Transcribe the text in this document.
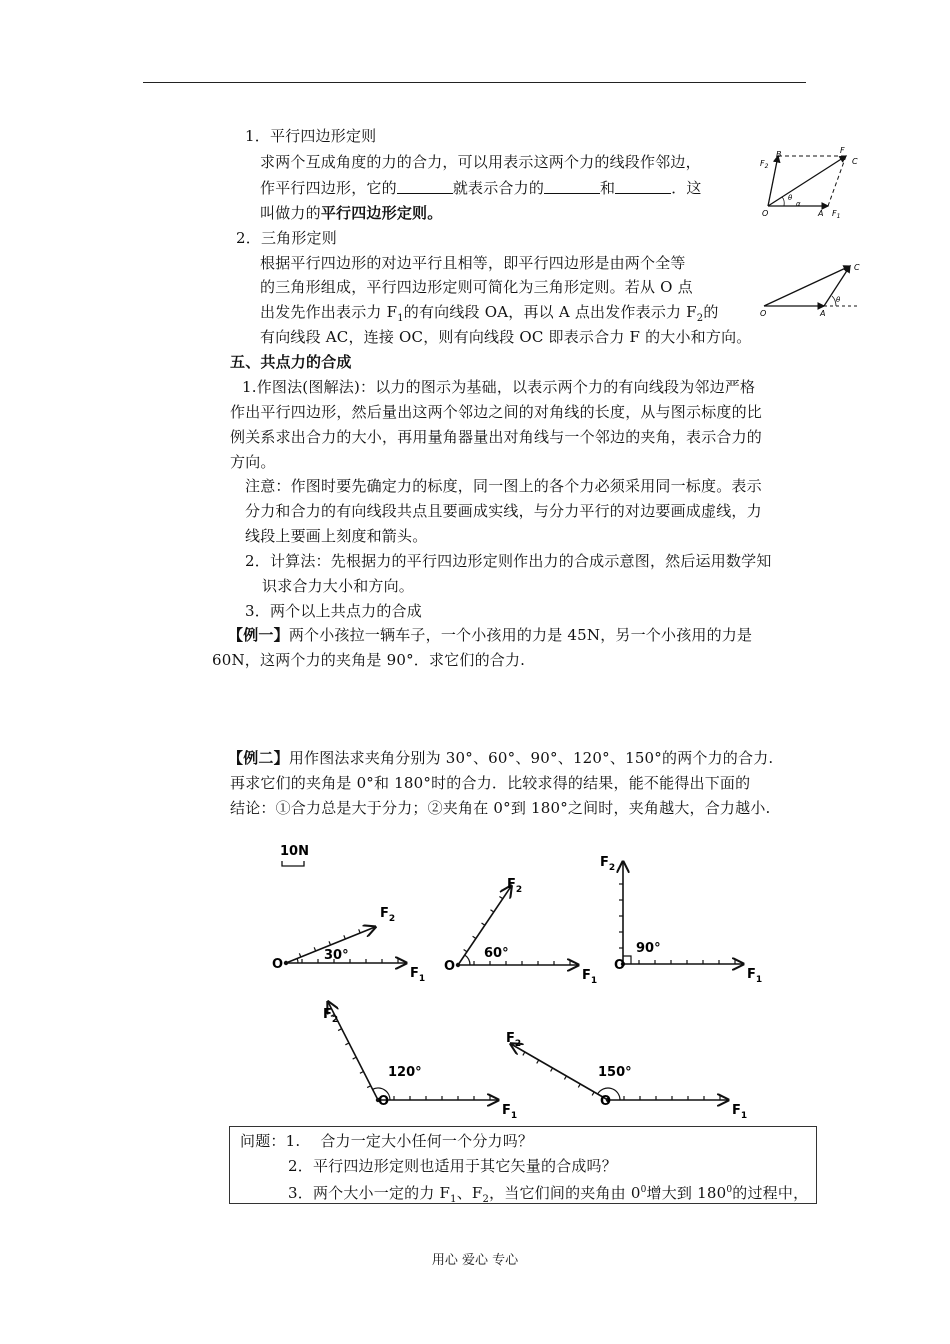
1．平行四边形定则
求两个互成角度的力的合力，可以用表示这两个力的线段作邻边，
作平行四边形，它的	就表示合力的	和	．这
叫做力的平行四边形定则。
B
$F_2$
F
C
O	A $F_1$
θ
α
2．三角形定则
根据平行四边形的对边平行且相等，即平行四边形是由两个全等
的三角形组成，平行四边形定则可简化为三角形定则。若从 O 点
出发先作出表示力 $F_1$的有向线段 OA，再以 A 点出发作表示力 $F_2$的
有向线段 AC，连接 OC，则有向线段 OC 即表示合力 F 的大小和方向。
C
O	A
θ
五、共点力的合成
1.作图法(图解法)：以力的图示为基础，以表示两个力的有向线段为邻边严格
作出平行四边形，然后量出这两个邻边之间的对角线的长度，从与图示标度的比
例关系求出合力的大小，再用量角器量出对角线与一个邻边的夹角，表示合力的
方向。
注意：作图时要先确定力的标度，同一图上的各个力必须采用同一标度。表示
分力和合力的有向线段共点且要画成实线，与分力平行的对边要画成虚线，力
线段上要画上刻度和箭头。
2．计算法：先根据力的平行四边形定则作出力的合成示意图，然后运用数学知
识求合力大小和方向。
3．两个以上共点力的合成
【例一】两个小孩拉一辆车子，一个小孩用的力是 45N，另一个小孩用的力是
60N，这两个力的夹角是 90°．求它们的合力.
【例二】用作图法求夹角分别为 30°、60°、90°、120°、150°的两个力的合力.
再求它们的夹角是 0°和 180°时的合力．比较求得的结果，能不能得出下面的
结论：①合力总是大于分力；②夹角在 0°到 180°之间时，夹角越大，合力越小.
10N
30°
O
$F_1$
$F_2$
60°
O
$F_1$
$F_2$
90°
O
$F_1$
$F_2$
120°
O
$F_1$
$F_2$
150°
O
$F_1$
$F_2$
问题：1. 合力一定大小任何一个分力吗？
2．平行四边形定则也适用于其它矢量的合成吗？
3．两个大小一定的力 $F_1$、$F_2$，当它们间的夹角由 $0^0$增大到 $180^0$的过程中，
用心 爱心 专心
